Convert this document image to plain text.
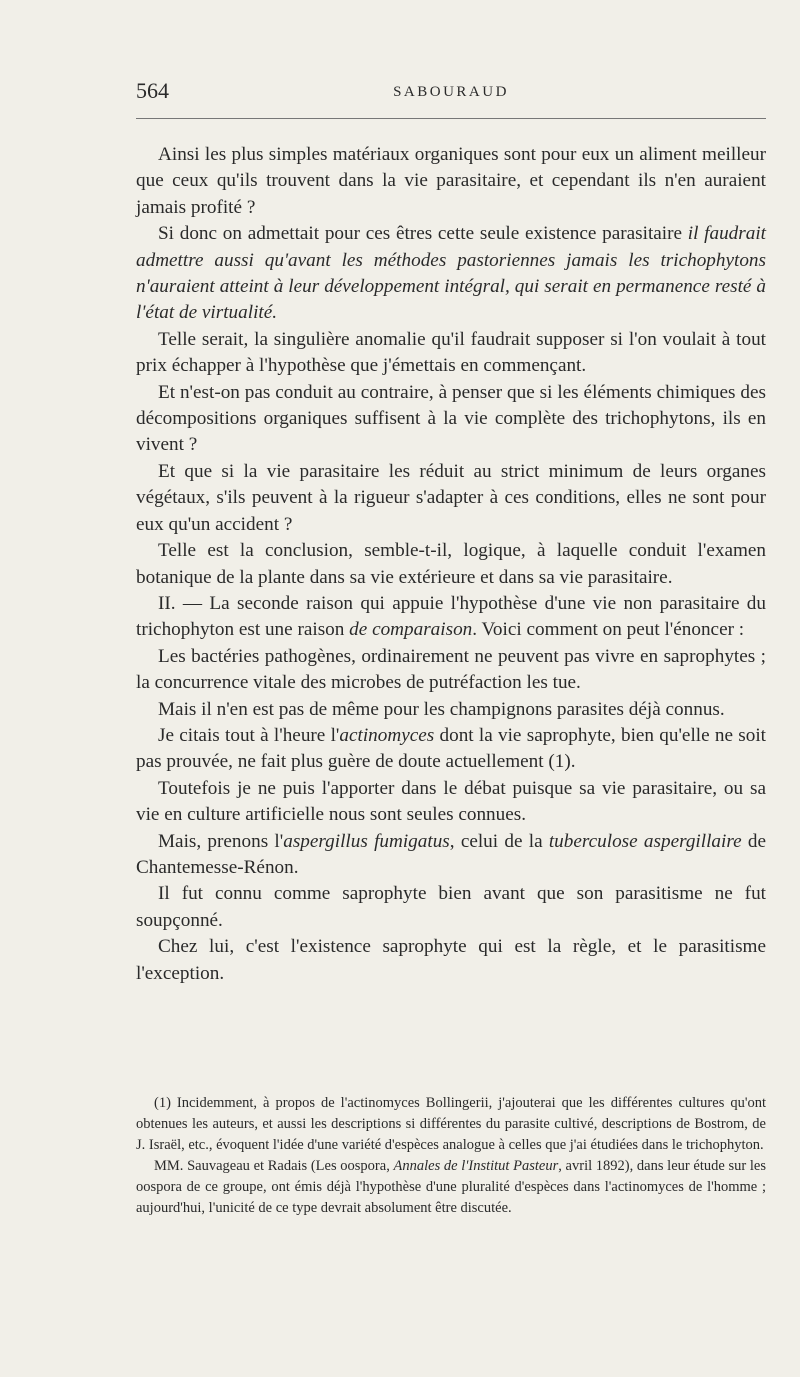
564	SABOURAUD

Ainsi les plus simples matériaux organiques sont pour eux un aliment meilleur que ceux qu'ils trouvent dans la vie parasitaire, et cependant ils n'en auraient jamais profité ?

Si donc on admettait pour ces êtres cette seule existence parasitaire il faudrait admettre aussi qu'avant les méthodes pastoriennes jamais les trichophytons n'auraient atteint à leur développement intégral, qui serait en permanence resté à l'état de virtualité.

Telle serait, la singulière anomalie qu'il faudrait supposer si l'on voulait à tout prix échapper à l'hypothèse que j'émettais en commençant.

Et n'est-on pas conduit au contraire, à penser que si les éléments chimiques des décompositions organiques suffisent à la vie complète des trichophytons, ils en vivent ?

Et que si la vie parasitaire les réduit au strict minimum de leurs organes végétaux, s'ils peuvent à la rigueur s'adapter à ces conditions, elles ne sont pour eux qu'un accident ?

Telle est la conclusion, semble-t-il, logique, à laquelle conduit l'examen botanique de la plante dans sa vie extérieure et dans sa vie parasitaire.

II. — La seconde raison qui appuie l'hypothèse d'une vie non parasitaire du trichophyton est une raison de comparaison. Voici comment on peut l'énoncer :

Les bactéries pathogènes, ordinairement ne peuvent pas vivre en saprophytes ; la concurrence vitale des microbes de putréfaction les tue.

Mais il n'en est pas de même pour les champignons parasites déjà connus.

Je citais tout à l'heure l'actinomyces dont la vie saprophyte, bien qu'elle ne soit pas prouvée, ne fait plus guère de doute actuellement (1).

Toutefois je ne puis l'apporter dans le débat puisque sa vie parasitaire, ou sa vie en culture artificielle nous sont seules connues.

Mais, prenons l'aspergillus fumigatus, celui de la tuberculose aspergillaire de Chantemesse-Rénon.

Il fut connu comme saprophyte bien avant que son parasitisme ne fut soupçonné.

Chez lui, c'est l'existence saprophyte qui est la règle, et le parasitisme l'exception.

(1) Incidemment, à propos de l'actinomyces Bollingerii, j'ajouterai que les différentes cultures qu'ont obtenues les auteurs, et aussi les descriptions si différentes du parasite cultivé, descriptions de Bostrom, de J. Israël, etc., évoquent l'idée d'une variété d'espèces analogue à celles que j'ai étudiées dans le trichophyton.

MM. Sauvageau et Radais (Les oospora, Annales de l'Institut Pasteur, avril 1892), dans leur étude sur les oospora de ce groupe, ont émis déjà l'hypothèse d'une pluralité d'espèces dans l'actinomyces de l'homme ; aujourd'hui, l'unicité de ce type devrait absolument être discutée.
